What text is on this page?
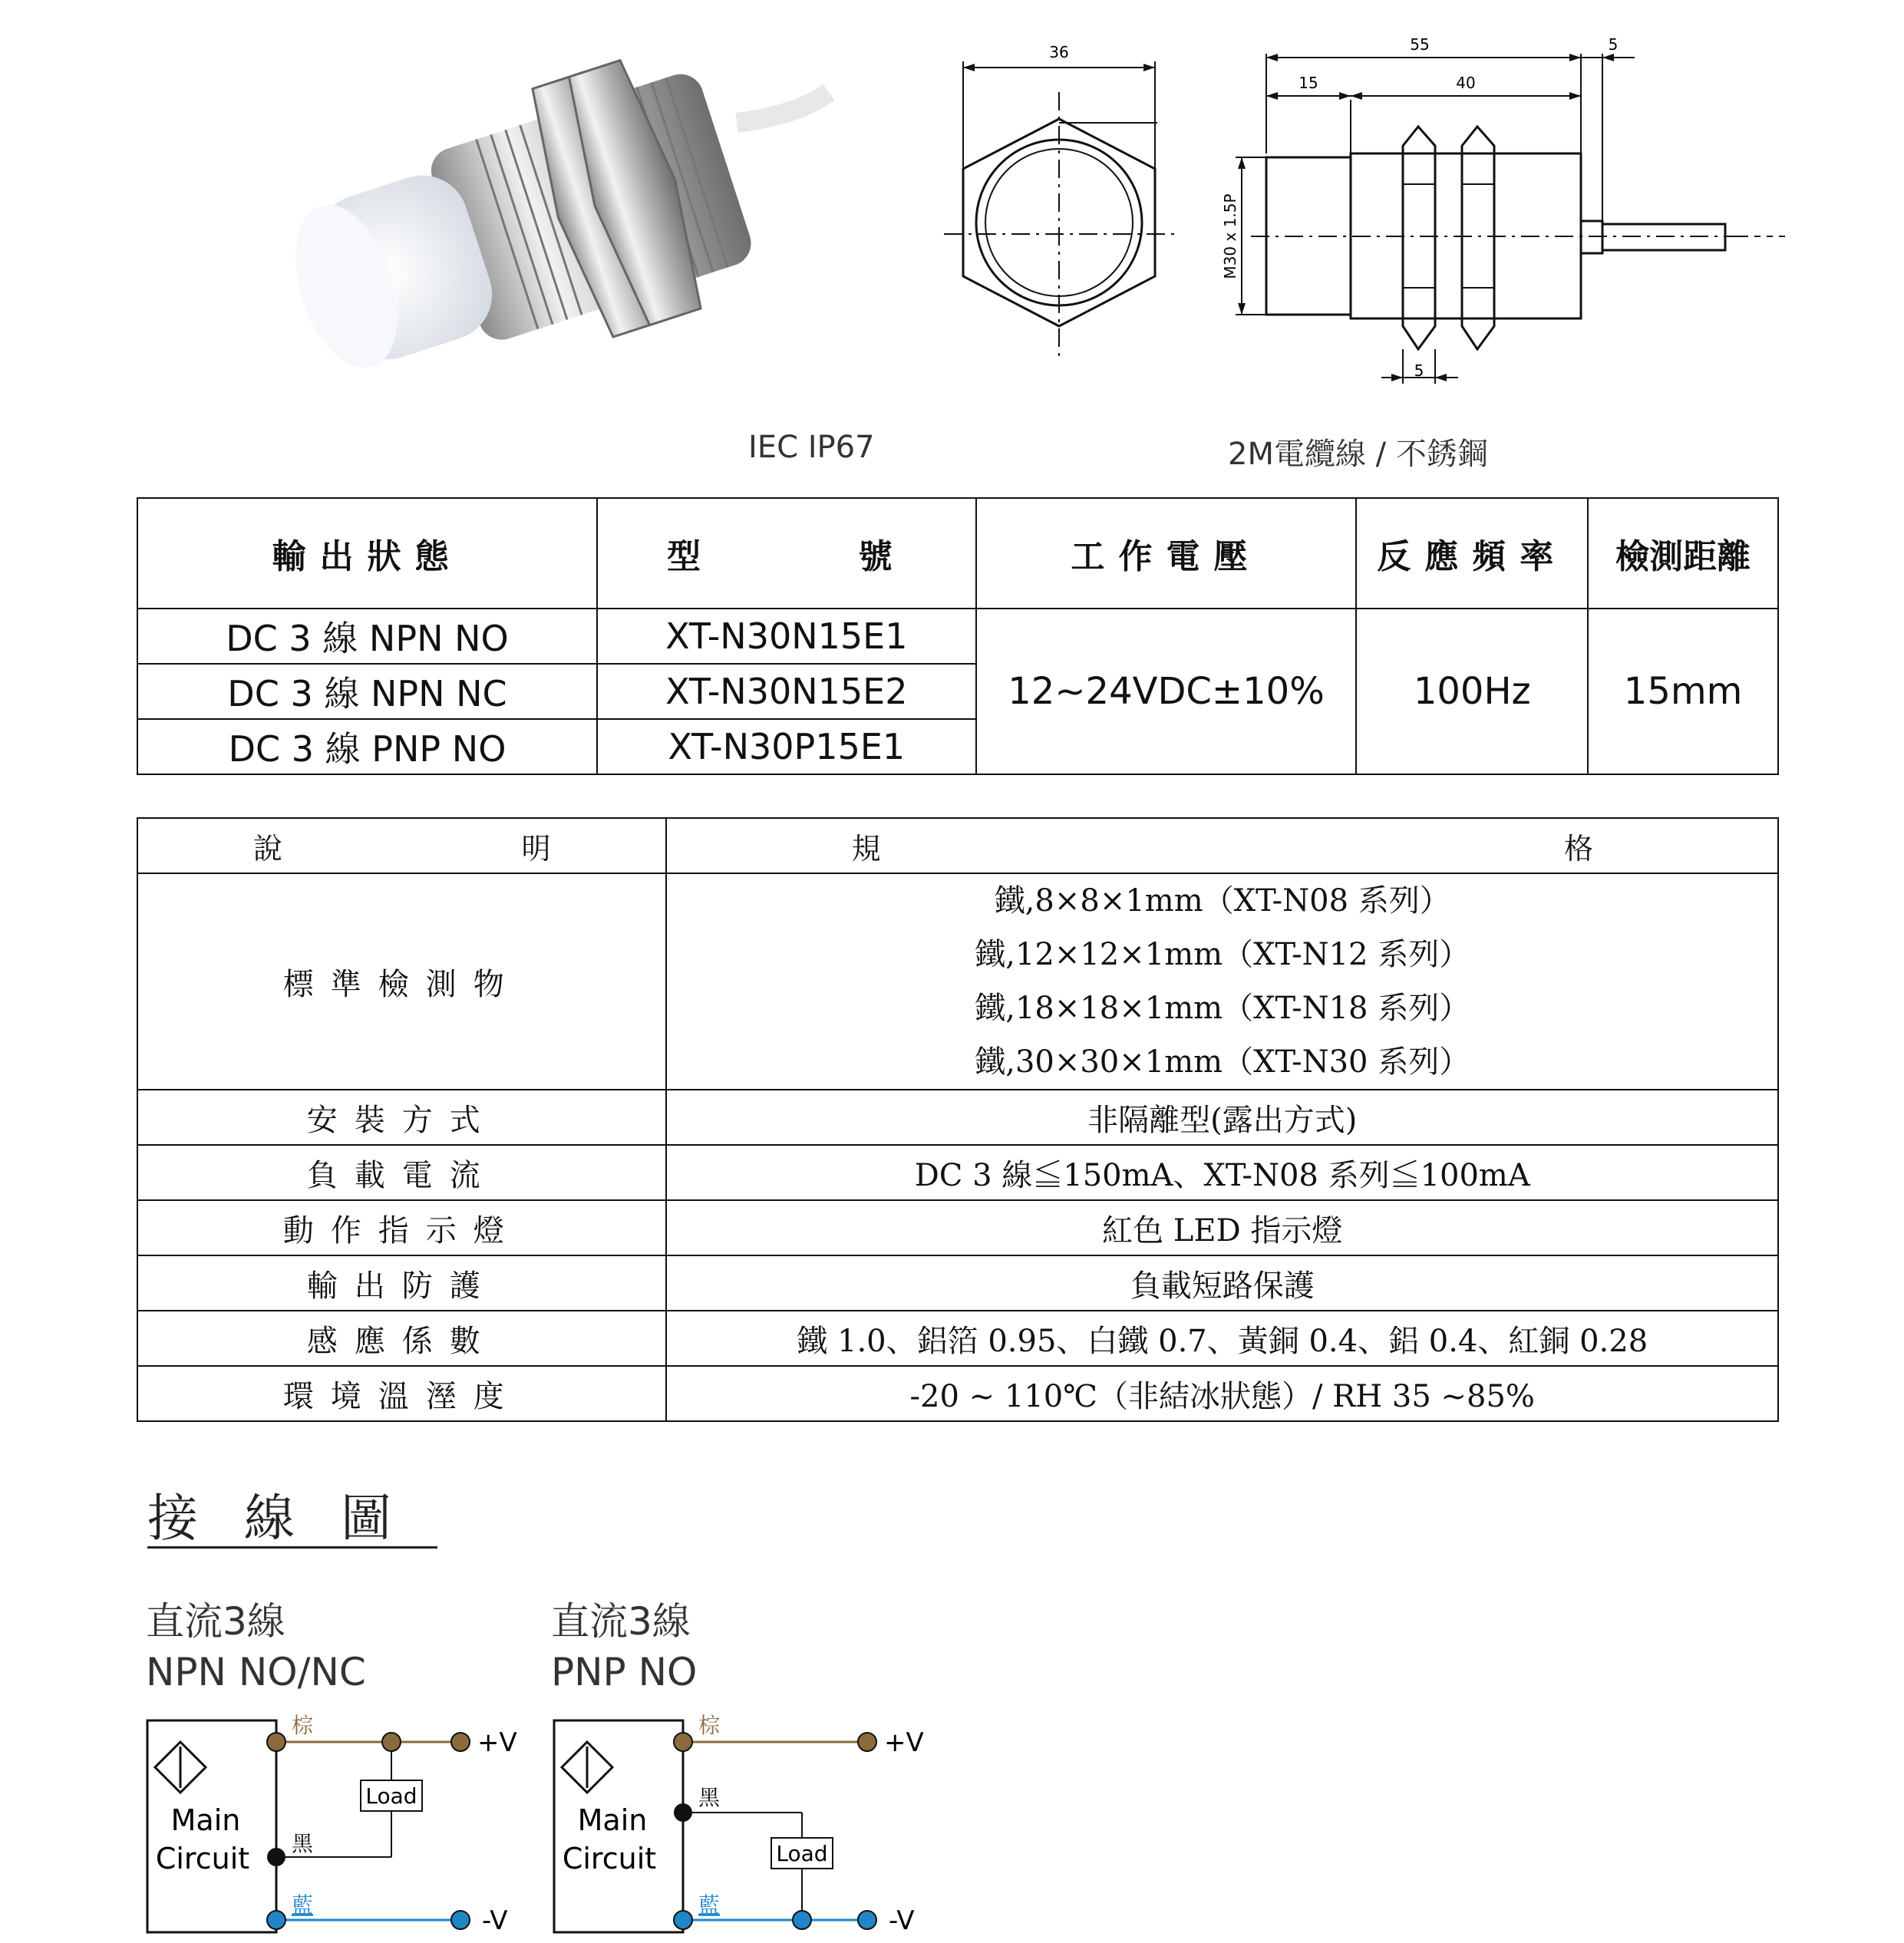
36	55	5
15	40
5
M30 x 1.5P
IEC IP67	2M電纜線 / 不銹鋼
輸出狀態	型 號	工作電壓	反應頻率	檢測距離
DC 3 線 NPN NO	XT-N30N15E1	12~24VDC±10%	100Hz	15mm
DC 3 線 NPN NC	XT-N30N15E2			
DC 3 線 PNP NO	XT-N30P15E1			
說 明	規 格

標準檢測物	鐵,8×8×1mm（XT-N08 系列）
鐵,12×12×1mm（XT-N12 系列）
鐵,18×18×1mm（XT-N18 系列）
鐵,30×30×1mm（XT-N30 系列）

安裝方式	非隔離型(露出方式)
負載電流	DC 3 線≦150mA、XT-N08 系列≦100mA
動作指示燈	紅色 LED 指示燈
輸出防護	負載短路保護
感應係數	鐵 1.0、鋁箔 0.95、白鐵 0.7、黃銅 0.4、鋁 0.4、紅銅 0.28
環境溫溼度	-20 ~ 110℃（非結冰狀態）/ RH 35 ~85%
接線圖
直流3線
NPN NO/NC
直流3線
PNP NO
Main
Circuit
Load
棕
黑
藍
+V
-V
Main
Circuit	Load
棕
黑
藍
+V
-V
